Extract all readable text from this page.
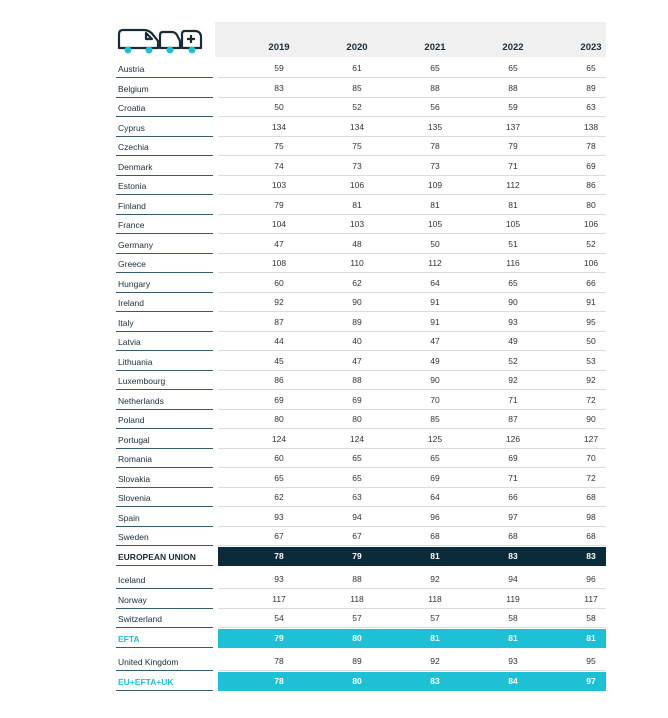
2019	2020	2021	2022	2023
Austria	59	61	65	65	65
Belgium	83	85	88	88	89
Croatia	50	52	56	59	63
Cyprus	134	134	135	137	138
Czechia	75	75	78	79	78
Denmark	74	73	73	71	69
Estonia	103	106	109	112	86
Finland	79	81	81	81	80
France	104	103	105	105	106
Germany	47	48	50	51	52
Greece	108	110	112	116	106
Hungary	60	62	64	65	66
Ireland	92	90	91	90	91
Italy	87	89	91	93	95
Latvia	44	40	47	49	50
Lithuania	45	47	49	52	53
Luxembourg	86	88	90	92	92
Netherlands	69	69	70	71	72
Poland	80	80	85	87	90
Portugal	124	124	125	126	127
Romania	60	65	65	69	70
Slovakia	65	65	69	71	72
Slovenia	62	63	64	66	68
Spain	93	94	96	97	98
Sweden	67	67	68	68	68
EUROPEAN UNION	78	79	81	83	83
Iceland	93	88	92	94	96
Norway	117	118	118	119	117
Switzerland	54	57	57	58	58
EFTA	79	80	81	81	81
United Kingdom	78	89	92	93	95
EU+EFTA+UK	78	80	83	84	97
